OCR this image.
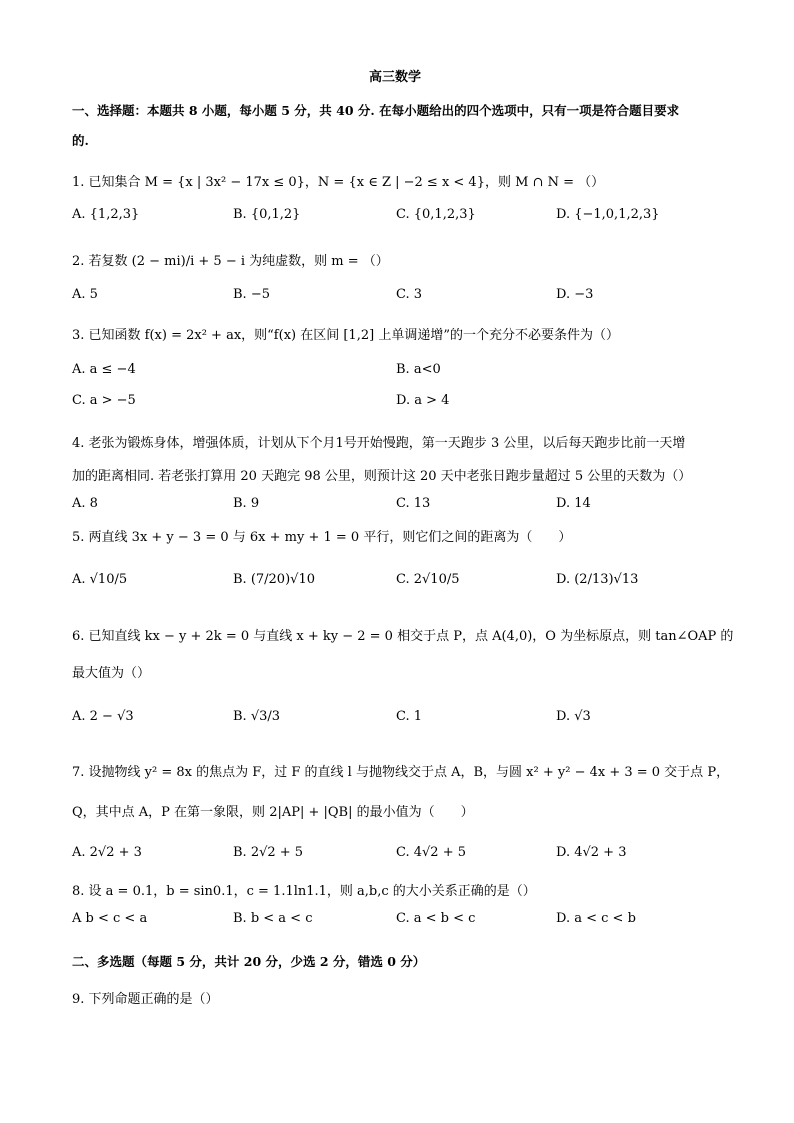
高三数学
一、选择题：本题共 8 小题，每小题 5 分，共 40 分. 在每小题给出的四个选项中，只有一项是符合题目要求
的.
1. 已知集合 M = {x | 3x² − 17x ≤ 0}，N = {x ∈ Z | −2 ≤ x < 4}，则 M ∩ N = （）
A. {1,2,3}	B. {0,1,2}	C. {0,1,2,3}	D. {−1,0,1,2,3}
2. 若复数 (2 − mi)/i + 5 − i 为纯虚数，则 m = （）
A. 5	B. −5	C. 3	D. −3
3. 已知函数 f(x) = 2x² + ax，则“f(x) 在区间 [1,2] 上单调递增”的一个充分不必要条件为（）
A. a ≤ −4	B. a<0
C. a > −5	D. a > 4
4. 老张为锻炼身体，增强体质，计划从下个月1号开始慢跑，第一天跑步 3 公里，以后每天跑步比前一天增
加的距离相同. 若老张打算用 20 天跑完 98 公里，则预计这 20 天中老张日跑步量超过 5 公里的天数为（）
A. 8	B. 9	C. 13	D. 14
5. 两直线 3x + y − 3 = 0 与 6x + my + 1 = 0 平行，则它们之间的距离为（　　）
A. √10/5	B. (7/20)√10	C. 2√10/5	D. (2/13)√13
6. 已知直线 kx − y + 2k = 0 与直线 x + ky − 2 = 0 相交于点 P，点 A(4,0)，O 为坐标原点，则 tan∠OAP 的
最大值为（）
A. 2 − √3	B. √3/3	C. 1	D. √3
7. 设抛物线 y² = 8x 的焦点为 F，过 F 的直线 l 与抛物线交于点 A，B，与圆 x² + y² − 4x + 3 = 0 交于点 P，
Q，其中点 A，P 在第一象限，则 2|AP| + |QB| 的最小值为（　　）
A. 2√2 + 3	B. 2√2 + 5	C. 4√2 + 5	D. 4√2 + 3
8. 设 a = 0.1，b = sin0.1，c = 1.1ln1.1，则 a,b,c 的大小关系正确的是（）
A b < c < a	B. b < a < c	C. a < b < c	D. a < c < b
二、多选题（每题 5 分，共计 20 分，少选 2 分，错选 0 分）
9. 下列命题正确的是（）
